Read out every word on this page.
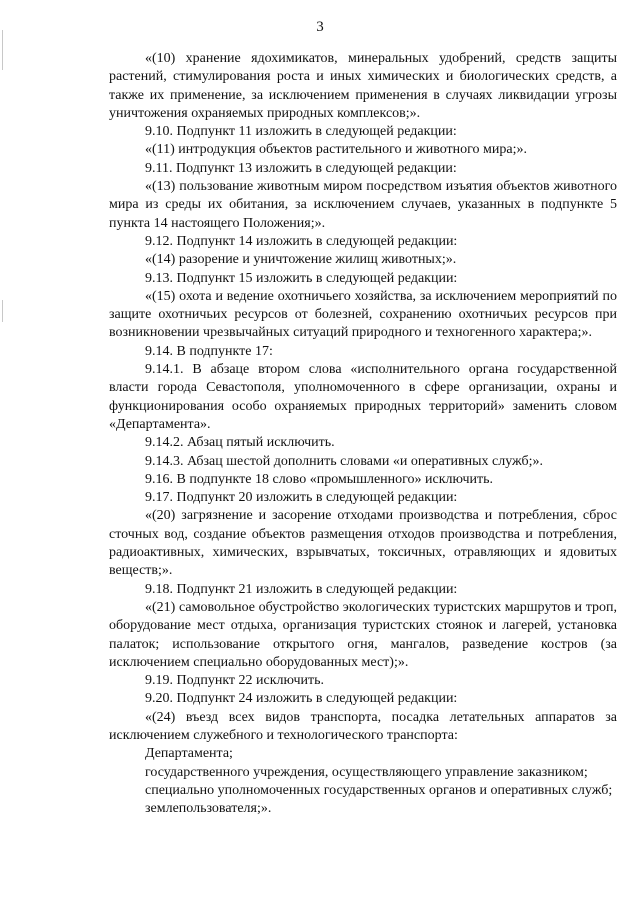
3

«(10) хранение ядохимикатов, минеральных удобрений, средств защиты растений, стимулирования роста и иных химических и биологических средств, а также их применение, за исключением применения в случаях ликвидации угрозы уничтожения охраняемых природных комплексов;».

9.10. Подпункт 11 изложить в следующей редакции:

«(11) интродукция объектов растительного и животного мира;».

9.11. Подпункт 13 изложить в следующей редакции:

«(13) пользование животным миром посредством изъятия объектов животного мира из среды их обитания, за исключением случаев, указанных в подпункте 5 пункта 14 настоящего Положения;».

9.12. Подпункт 14 изложить в следующей редакции:

«(14) разорение и уничтожение жилищ животных;».

9.13. Подпункт 15 изложить в следующей редакции:

«(15) охота и ведение охотничьего хозяйства, за исключением мероприятий по защите охотничьих ресурсов от болезней, сохранению охотничьих ресурсов при возникновении чрезвычайных ситуаций природного и техногенного характера;».

9.14. В подпункте 17:

9.14.1. В абзаце втором слова «исполнительного органа государственной власти города Севастополя, уполномоченного в сфере организации, охраны и функционирования особо охраняемых природных территорий» заменить словом «Департамента».

9.14.2. Абзац пятый исключить.

9.14.3. Абзац шестой дополнить словами «и оперативных служб;».

9.16. В подпункте 18 слово «промышленного» исключить.

9.17. Подпункт 20 изложить в следующей редакции:

«(20) загрязнение и засорение отходами производства и потребления, сброс сточных вод, создание объектов размещения отходов производства и потребления, радиоактивных, химических, взрывчатых, токсичных, отравляющих и ядовитых веществ;».

9.18. Подпункт 21 изложить в следующей редакции:

«(21) самовольное обустройство экологических туристских маршрутов и троп, оборудование мест отдыха, организация туристских стоянок и лагерей, установка палаток; использование открытого огня, мангалов, разведение костров (за исключением специально оборудованных мест);».

9.19. Подпункт 22 исключить.

9.20. Подпункт 24 изложить в следующей редакции:

«(24) въезд всех видов транспорта, посадка летательных аппаратов за исключением служебного и технологического транспорта:

Департамента;

государственного учреждения, осуществляющего управление заказником;

специально уполномоченных государственных органов и оперативных служб;

землепользователя;».
